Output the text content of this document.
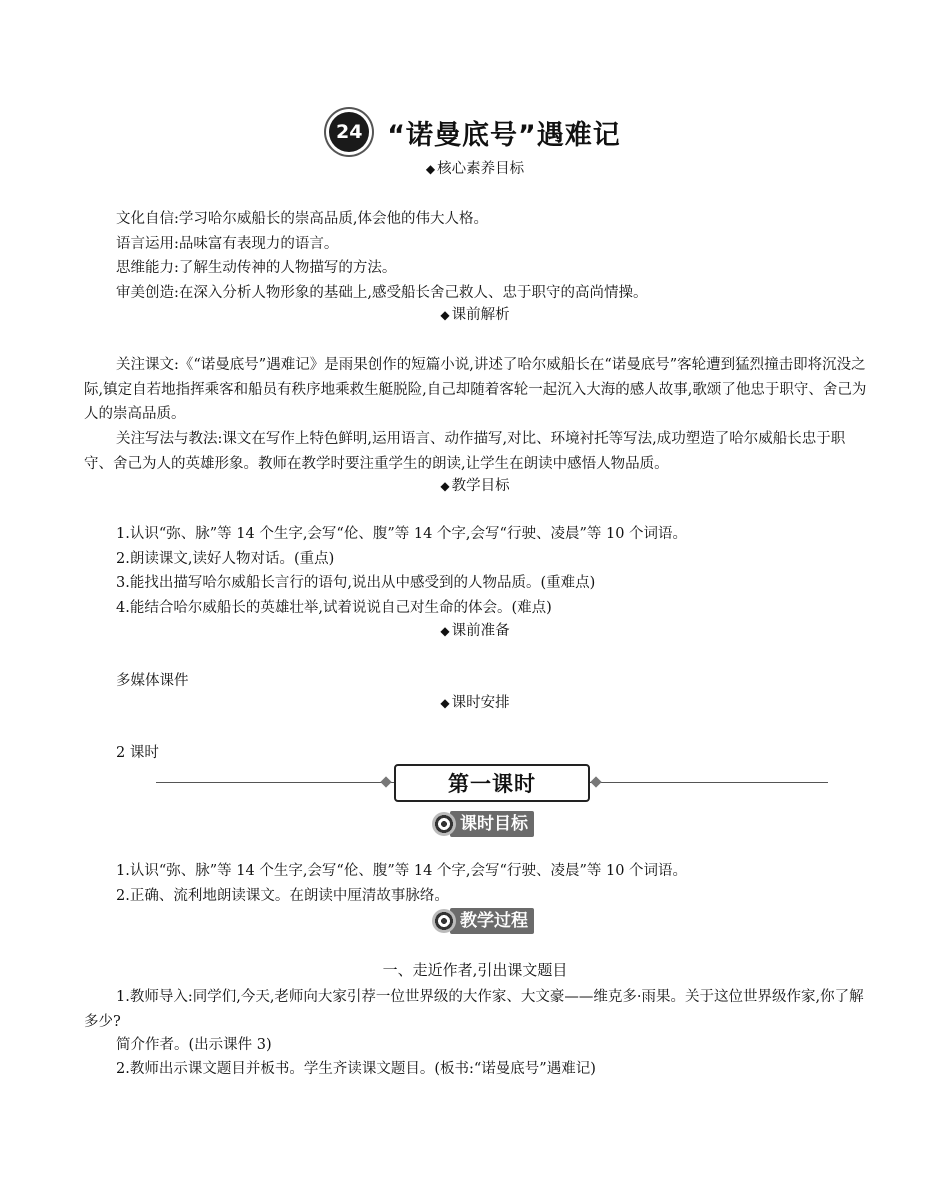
24 “诺曼底号”遇难记
◆ 核心素养目标
文化自信:学习哈尔威船长的崇高品质,体会他的伟大人格。
语言运用:品味富有表现力的语言。
思维能力:了解生动传神的人物描写的方法。
审美创造:在深入分析人物形象的基础上,感受船长舍己救人、忠于职守的高尚情操。
◆ 课前解析
关注课文:《“诺曼底号”遇难记》是雨果创作的短篇小说,讲述了哈尔威船长在“诺曼底号”客轮遭到猛烈撞击即将沉没之际,镇定自若地指挥乘客和船员有秩序地乘救生艇脱险,自己却随着客轮一起沉入大海的感人故事,歌颂了他忠于职守、舍己为人的崇高品质。
关注写法与教法:课文在写作上特色鲜明,运用语言、动作描写,对比、环境衬托等写法,成功塑造了哈尔威船长忠于职守、舍己为人的英雄形象。教师在教学时要注重学生的朗读,让学生在朗读中感悟人物品质。
◆ 教学目标
1.认识“弥、脉”等 14 个生字,会写“伦、腹”等 14 个字,会写“行驶、凌晨”等 10 个词语。
2.朗读课文,读好人物对话。(重点)
3.能找出描写哈尔威船长言行的语句,说出从中感受到的人物品质。(重难点)
4.能结合哈尔威船长的英雄壮举,试着说说自己对生命的体会。(难点)
◆ 课前准备
多媒体课件
◆ 课时安排
2 课时
第一课时
课时目标
1.认识“弥、脉”等 14 个生字,会写“伦、腹”等 14 个字,会写“行驶、凌晨”等 10 个词语。
2.正确、流利地朗读课文。在朗读中厘清故事脉络。
教学过程
一、走近作者,引出课文题目
1.教师导入:同学们,今天,老师向大家引荐一位世界级的大作家、大文豪——维克多·雨果。关于这位世界级作家,你了解多少?
简介作者。(出示课件 3)
2.教师出示课文题目并板书。学生齐读课文题目。(板书:“诺曼底号”遇难记)
